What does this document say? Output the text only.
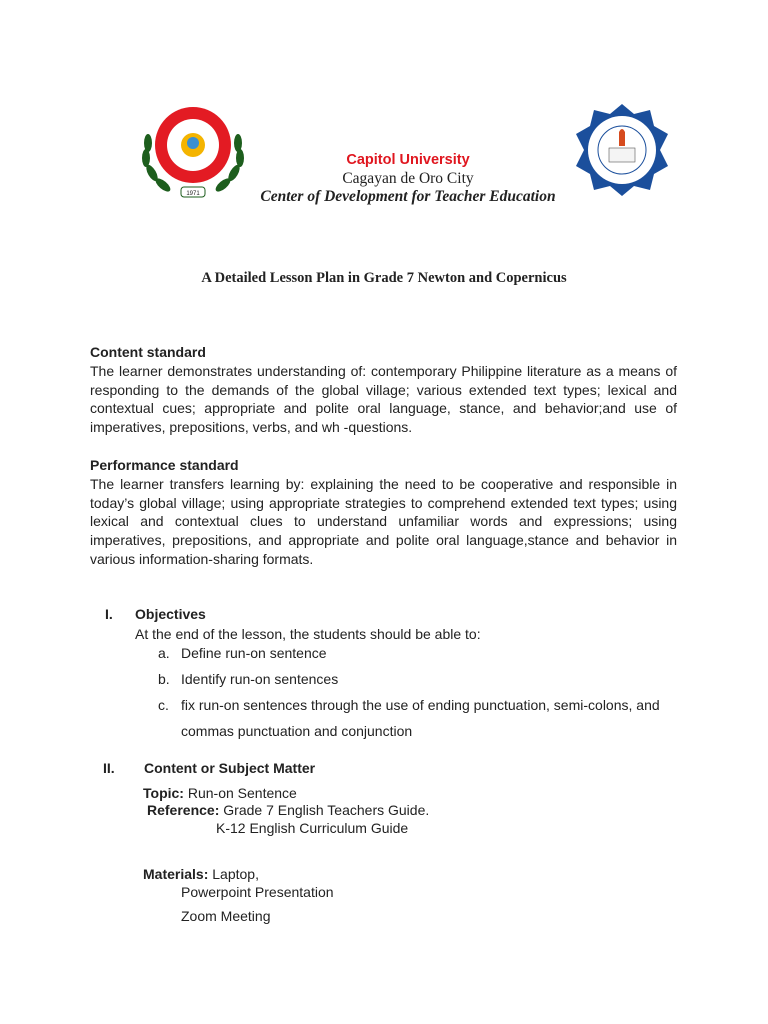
1971
Capitol University
Cagayan de Oro City
Center of Development for Teacher Education
A Detailed Lesson Plan in Grade 7 Newton and Copernicus
Content standard
The learner demonstrates understanding of: contemporary Philippine literature as a means of responding to the demands of the global village; various extended text types; lexical and contextual cues; appropriate and polite oral language, stance, and behavior;and use of imperatives, prepositions, verbs, and wh -questions.
Performance standard
The learner transfers learning by: explaining the need to be cooperative and responsible in today’s global village; using appropriate strategies to comprehend extended text types; using lexical and contextual clues to understand unfamiliar words and expressions; using imperatives, prepositions, and appropriate and polite oral language,stance and behavior in various information-sharing formats.
I. Objectives
At the end of the lesson, the students should be able to:
a. Define run-on sentence
b. Identify run-on sentences
c. fix run-on sentences through the use of ending punctuation, semi-colons, and
commas punctuation and conjunction
II. Content or Subject Matter
Topic: Run-on Sentence
Reference: Grade 7 English Teachers Guide.
K-12 English Curriculum Guide
Materials: Laptop,
Powerpoint Presentation
Zoom Meeting
